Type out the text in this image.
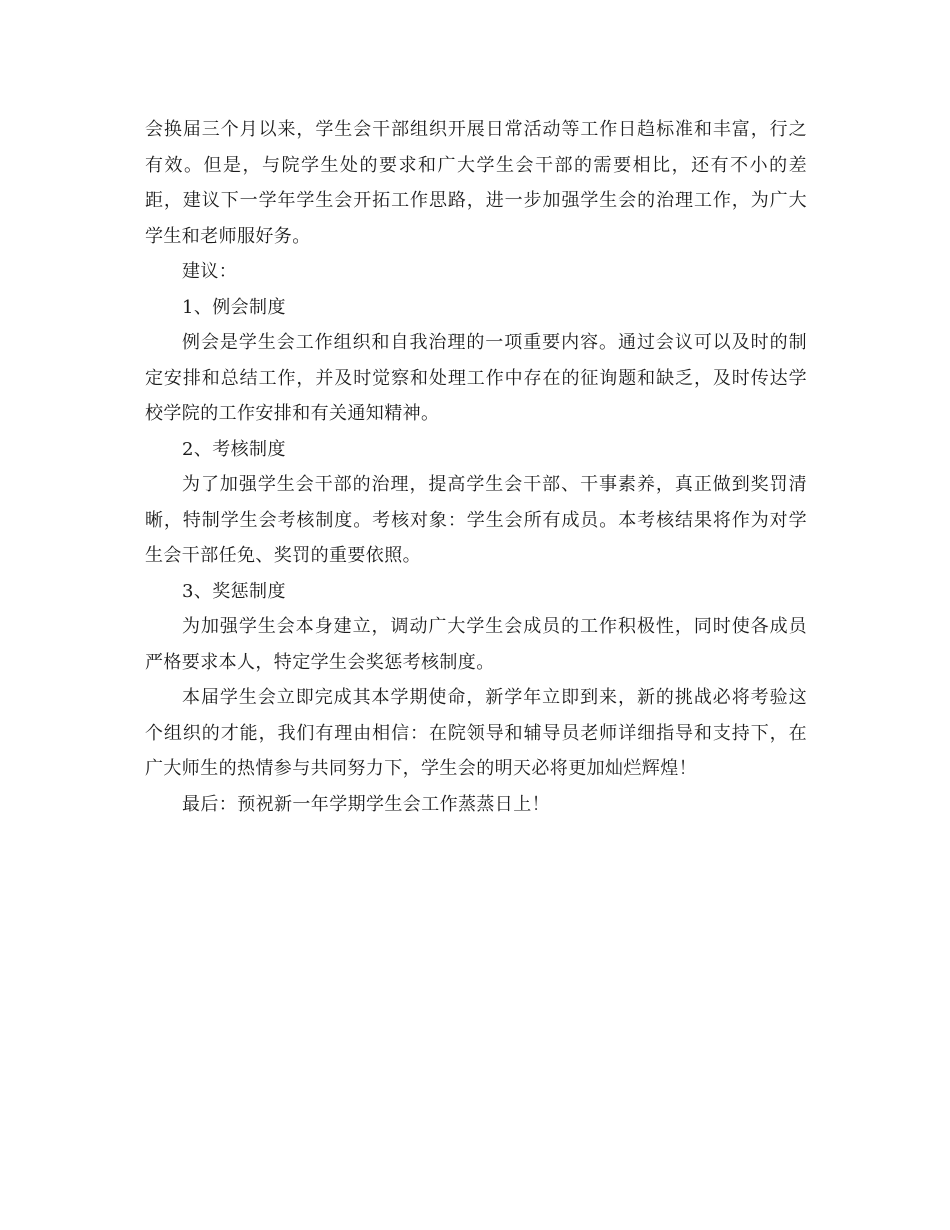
会换届三个月以来，学生会干部组织开展日常活动等工作日趋标准和丰富，行之有效。但是，与院学生处的要求和广大学生会干部的需要相比，还有不小的差距，建议下一学年学生会开拓工作思路，进一步加强学生会的治理工作，为广大学生和老师服好务。

建议：

1、例会制度

例会是学生会工作组织和自我治理的一项重要内容。通过会议可以及时的制定安排和总结工作，并及时觉察和处理工作中存在的征询题和缺乏，及时传达学校学院的工作安排和有关通知精神。

2、考核制度

为了加强学生会干部的治理，提高学生会干部、干事素养，真正做到奖罚清晰，特制学生会考核制度。考核对象：学生会所有成员。本考核结果将作为对学生会干部任免、奖罚的重要依照。

3、奖惩制度

为加强学生会本身建立，调动广大学生会成员的工作积极性，同时使各成员严格要求本人，特定学生会奖惩考核制度。

本届学生会立即完成其本学期使命，新学年立即到来，新的挑战必将考验这个组织的才能，我们有理由相信：在院领导和辅导员老师详细指导和支持下，在广大师生的热情参与共同努力下，学生会的明天必将更加灿烂辉煌！

最后：预祝新一年学期学生会工作蒸蒸日上！
